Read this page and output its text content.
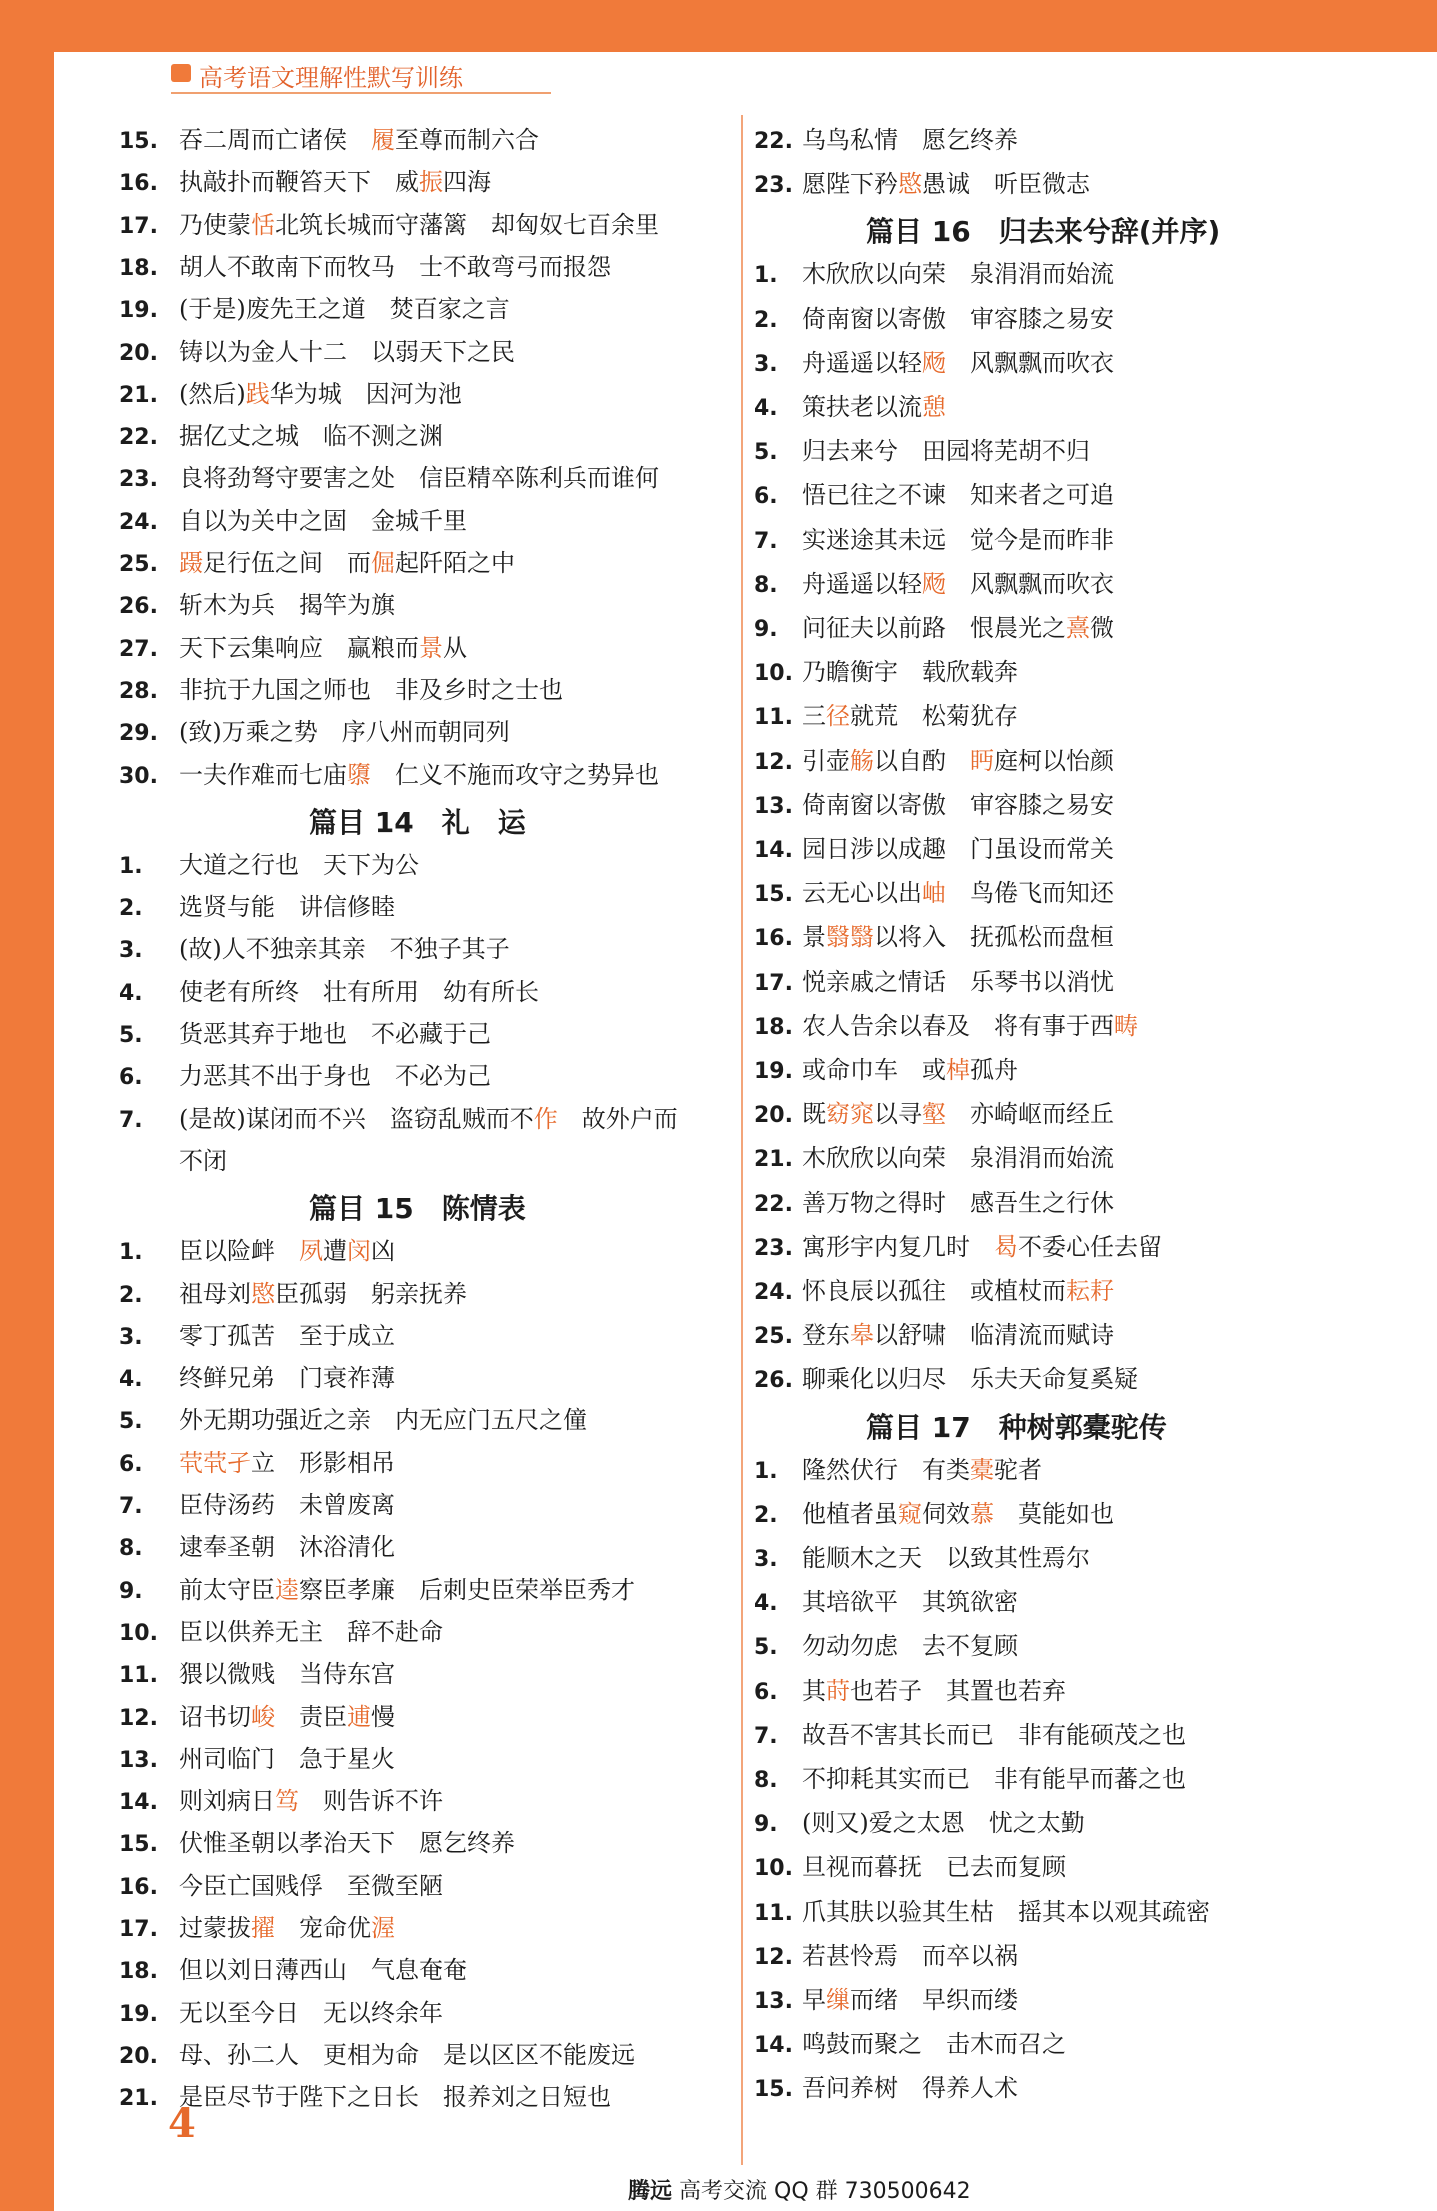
高考语文理解性默写训练
15. 吞二周而亡诸侯　履至尊而制六合
16. 执敲扑而鞭笞天下　威振四海
17. 乃使蒙恬北筑长城而守藩篱　却匈奴七百余里
18. 胡人不敢南下而牧马　士不敢弯弓而报怨
19. (于是)废先王之道　焚百家之言
20. 铸以为金人十二　以弱天下之民
21. (然后)践华为城　因河为池
22. 据亿丈之城　临不测之渊
23. 良将劲弩守要害之处　信臣精卒陈利兵而谁何
24. 自以为关中之固　金城千里
25. 蹑足行伍之间　而倔起阡陌之中
26. 斩木为兵　揭竿为旗
27. 天下云集响应　赢粮而景从
28. 非抗于九国之师也　非及乡时之士也
29. (致)万乘之势　序八州而朝同列
30. 一夫作难而七庙隳　仁义不施而攻守之势异也
篇目 14　礼　运
1. 大道之行也　天下为公
2. 选贤与能　讲信修睦
3. (故)人不独亲其亲　不独子其子
4. 使老有所终　壮有所用　幼有所长
5. 货恶其弃于地也　不必藏于己
6. 力恶其不出于身也　不必为己
7. (是故)谋闭而不兴　盗窃乱贼而不作　故外户而
不闭
篇目 15　陈情表
1. 臣以险衅　夙遭闵凶
2. 祖母刘愍臣孤弱　躬亲抚养
3. 零丁孤苦　至于成立
4. 终鲜兄弟　门衰祚薄
5. 外无期功强近之亲　内无应门五尺之僮
6. 茕茕孑立　形影相吊
7. 臣侍汤药　未曾废离
8. 逮奉圣朝　沐浴清化
9. 前太守臣逵察臣孝廉　后刺史臣荣举臣秀才
10. 臣以供养无主　辞不赴命
11. 猥以微贱　当侍东宫
12. 诏书切峻　责臣逋慢
13. 州司临门　急于星火
14. 则刘病日笃　则告诉不许
15. 伏惟圣朝以孝治天下　愿乞终养
16. 今臣亡国贱俘　至微至陋
17. 过蒙拔擢　宠命优渥
18. 但以刘日薄西山　气息奄奄
19. 无以至今日　无以终余年
20. 母、孙二人　更相为命　是以区区不能废远
21. 是臣尽节于陛下之日长　报养刘之日短也
22. 乌鸟私情　愿乞终养
23. 愿陛下矜愍愚诚　听臣微志
篇目 16　归去来兮辞(并序)
1. 木欣欣以向荣　泉涓涓而始流
2. 倚南窗以寄傲　审容膝之易安
3. 舟遥遥以轻飏　风飘飘而吹衣
4. 策扶老以流憩
5. 归去来兮　田园将芜胡不归
6. 悟已往之不谏　知来者之可追
7. 实迷途其未远　觉今是而昨非
8. 舟遥遥以轻飏　风飘飘而吹衣
9. 问征夫以前路　恨晨光之熹微
10. 乃瞻衡宇　载欣载奔
11. 三径就荒　松菊犹存
12. 引壶觞以自酌　眄庭柯以怡颜
13. 倚南窗以寄傲　审容膝之易安
14. 园日涉以成趣　门虽设而常关
15. 云无心以出岫　鸟倦飞而知还
16. 景翳翳以将入　抚孤松而盘桓
17. 悦亲戚之情话　乐琴书以消忧
18. 农人告余以春及　将有事于西畴
19. 或命巾车　或棹孤舟
20. 既窈窕以寻壑　亦崎岖而经丘
21. 木欣欣以向荣　泉涓涓而始流
22. 善万物之得时　感吾生之行休
23. 寓形宇内复几时　曷不委心任去留
24. 怀良辰以孤往　或植杖而耘耔
25. 登东皋以舒啸　临清流而赋诗
26. 聊乘化以归尽　乐夫天命复奚疑
篇目 17　种树郭橐驼传
1. 隆然伏行　有类橐驼者
2. 他植者虽窥伺效慕　莫能如也
3. 能顺木之天　以致其性焉尔
4. 其培欲平　其筑欲密
5. 勿动勿虑　去不复顾
6. 其莳也若子　其置也若弃
7. 故吾不害其长而已　非有能硕茂之也
8. 不抑耗其实而已　非有能早而蕃之也
9. (则又)爱之太恩　忧之太勤
10. 旦视而暮抚　已去而复顾
11. 爪其肤以验其生枯　摇其本以观其疏密
12. 若甚怜焉　而卒以祸
13. 早缫而绪　早织而缕
14. 鸣鼓而聚之　击木而召之
15. 吾问养树　得养人术
4
腾远 高考交流 QQ 群 730500642
